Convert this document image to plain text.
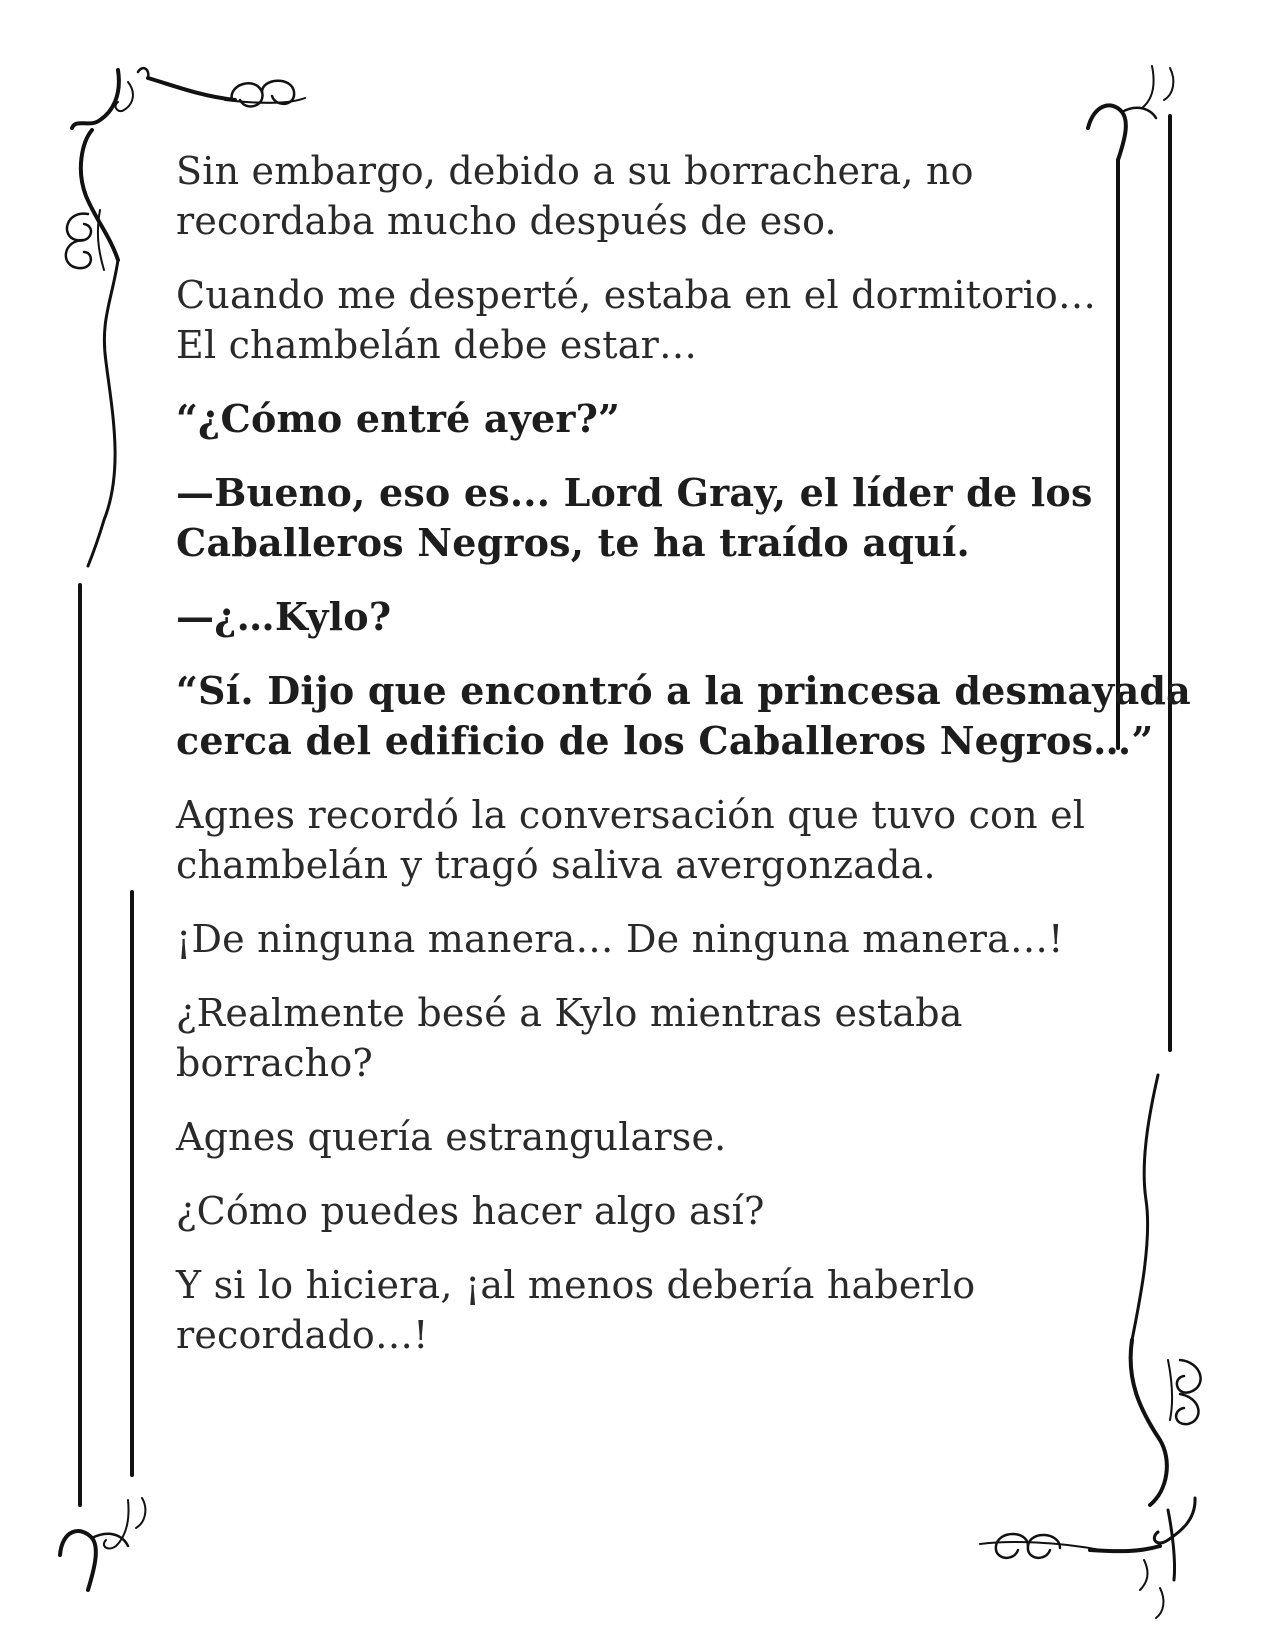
Sin embargo, debido a su borrachera, no
recordaba mucho después de eso.

Cuando me desperté, estaba en el dormitorio…
El chambelán debe estar…

“¿Cómo entré ayer?”

—Bueno, eso es... Lord Gray, el líder de los
Caballeros Negros, te ha traído aquí.

—¿…Kylo?

“Sí. Dijo que encontró a la princesa desmayada
cerca del edificio de los Caballeros Negros…”

Agnes recordó la conversación que tuvo con el
chambelán y tragó saliva avergonzada.

¡De ninguna manera… De ninguna manera…!

¿Realmente besé a Kylo mientras estaba
borracho?

Agnes quería estrangularse.

¿Cómo puedes hacer algo así?

Y si lo hiciera, ¡al menos debería haberlo
recordado…!
